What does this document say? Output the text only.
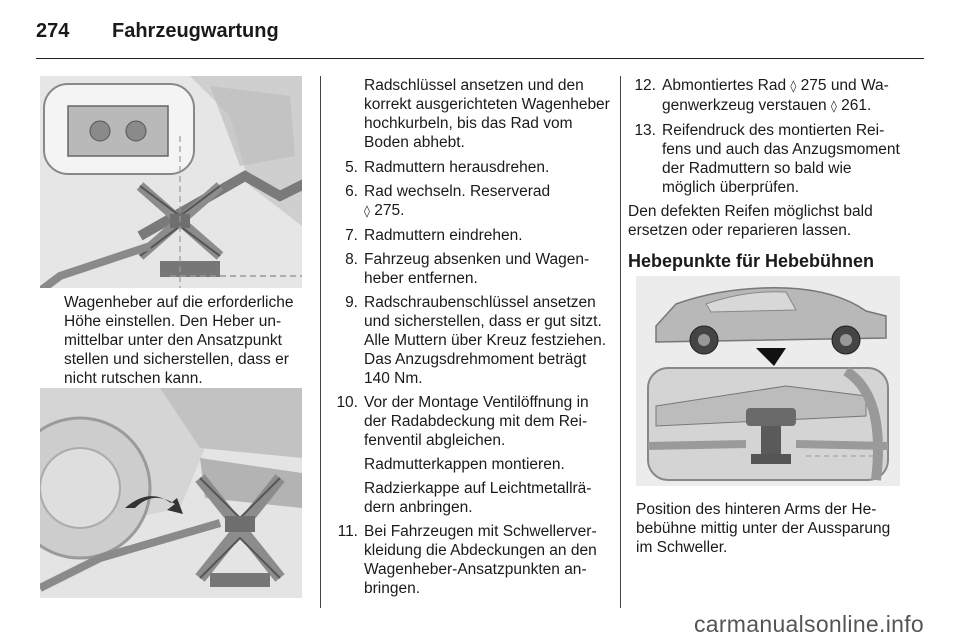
274 Fahrzeugwartung
Wagenheber auf die erforderliche Höhe einstellen. Den Heber unmittelbar unter den Ansatzpunkt stellen und sicherstellen, dass er nicht rutschen kann.
Radschlüssel ansetzen und den korrekt ausgerichteten Wagenheber hochkurbeln, bis das Rad vom Boden abhebt.
5. Radmuttern herausdrehen.
6. Rad wechseln. Reserverad
◊ 275.
7. Radmuttern eindrehen.
8. Fahrzeug absenken und Wagenheber entfernen.
9. Radschraubenschlüssel ansetzen und sicherstellen, dass er gut sitzt. Alle Muttern über Kreuz festziehen. Das Anzugsdrehmoment beträgt 140 Nm.
10. Vor der Montage Ventilöffnung in der Radabdeckung mit dem Reifenventil abgleichen.
Radmutterkappen montieren.
Radzierkappe auf Leichtmetallrädern anbringen.
11. Bei Fahrzeugen mit Schwellerverkleidung die Abdeckungen an den Wagenheber-Ansatzpunkten anbringen.
12. Abmontiertes Rad ◊ 275 und Wagenwerkzeug verstauen ◊ 261.
13. Reifendruck des montierten Reifens und auch das Anzugsmoment der Radmuttern so bald wie möglich überprüfen.
Den defekten Reifen möglichst bald ersetzen oder reparieren lassen.
Hebepunkte für Hebebühnen
Position des hinteren Arms der Hebebühne mittig unter der Aussparung im Schweller.
carmanualsonline.info
